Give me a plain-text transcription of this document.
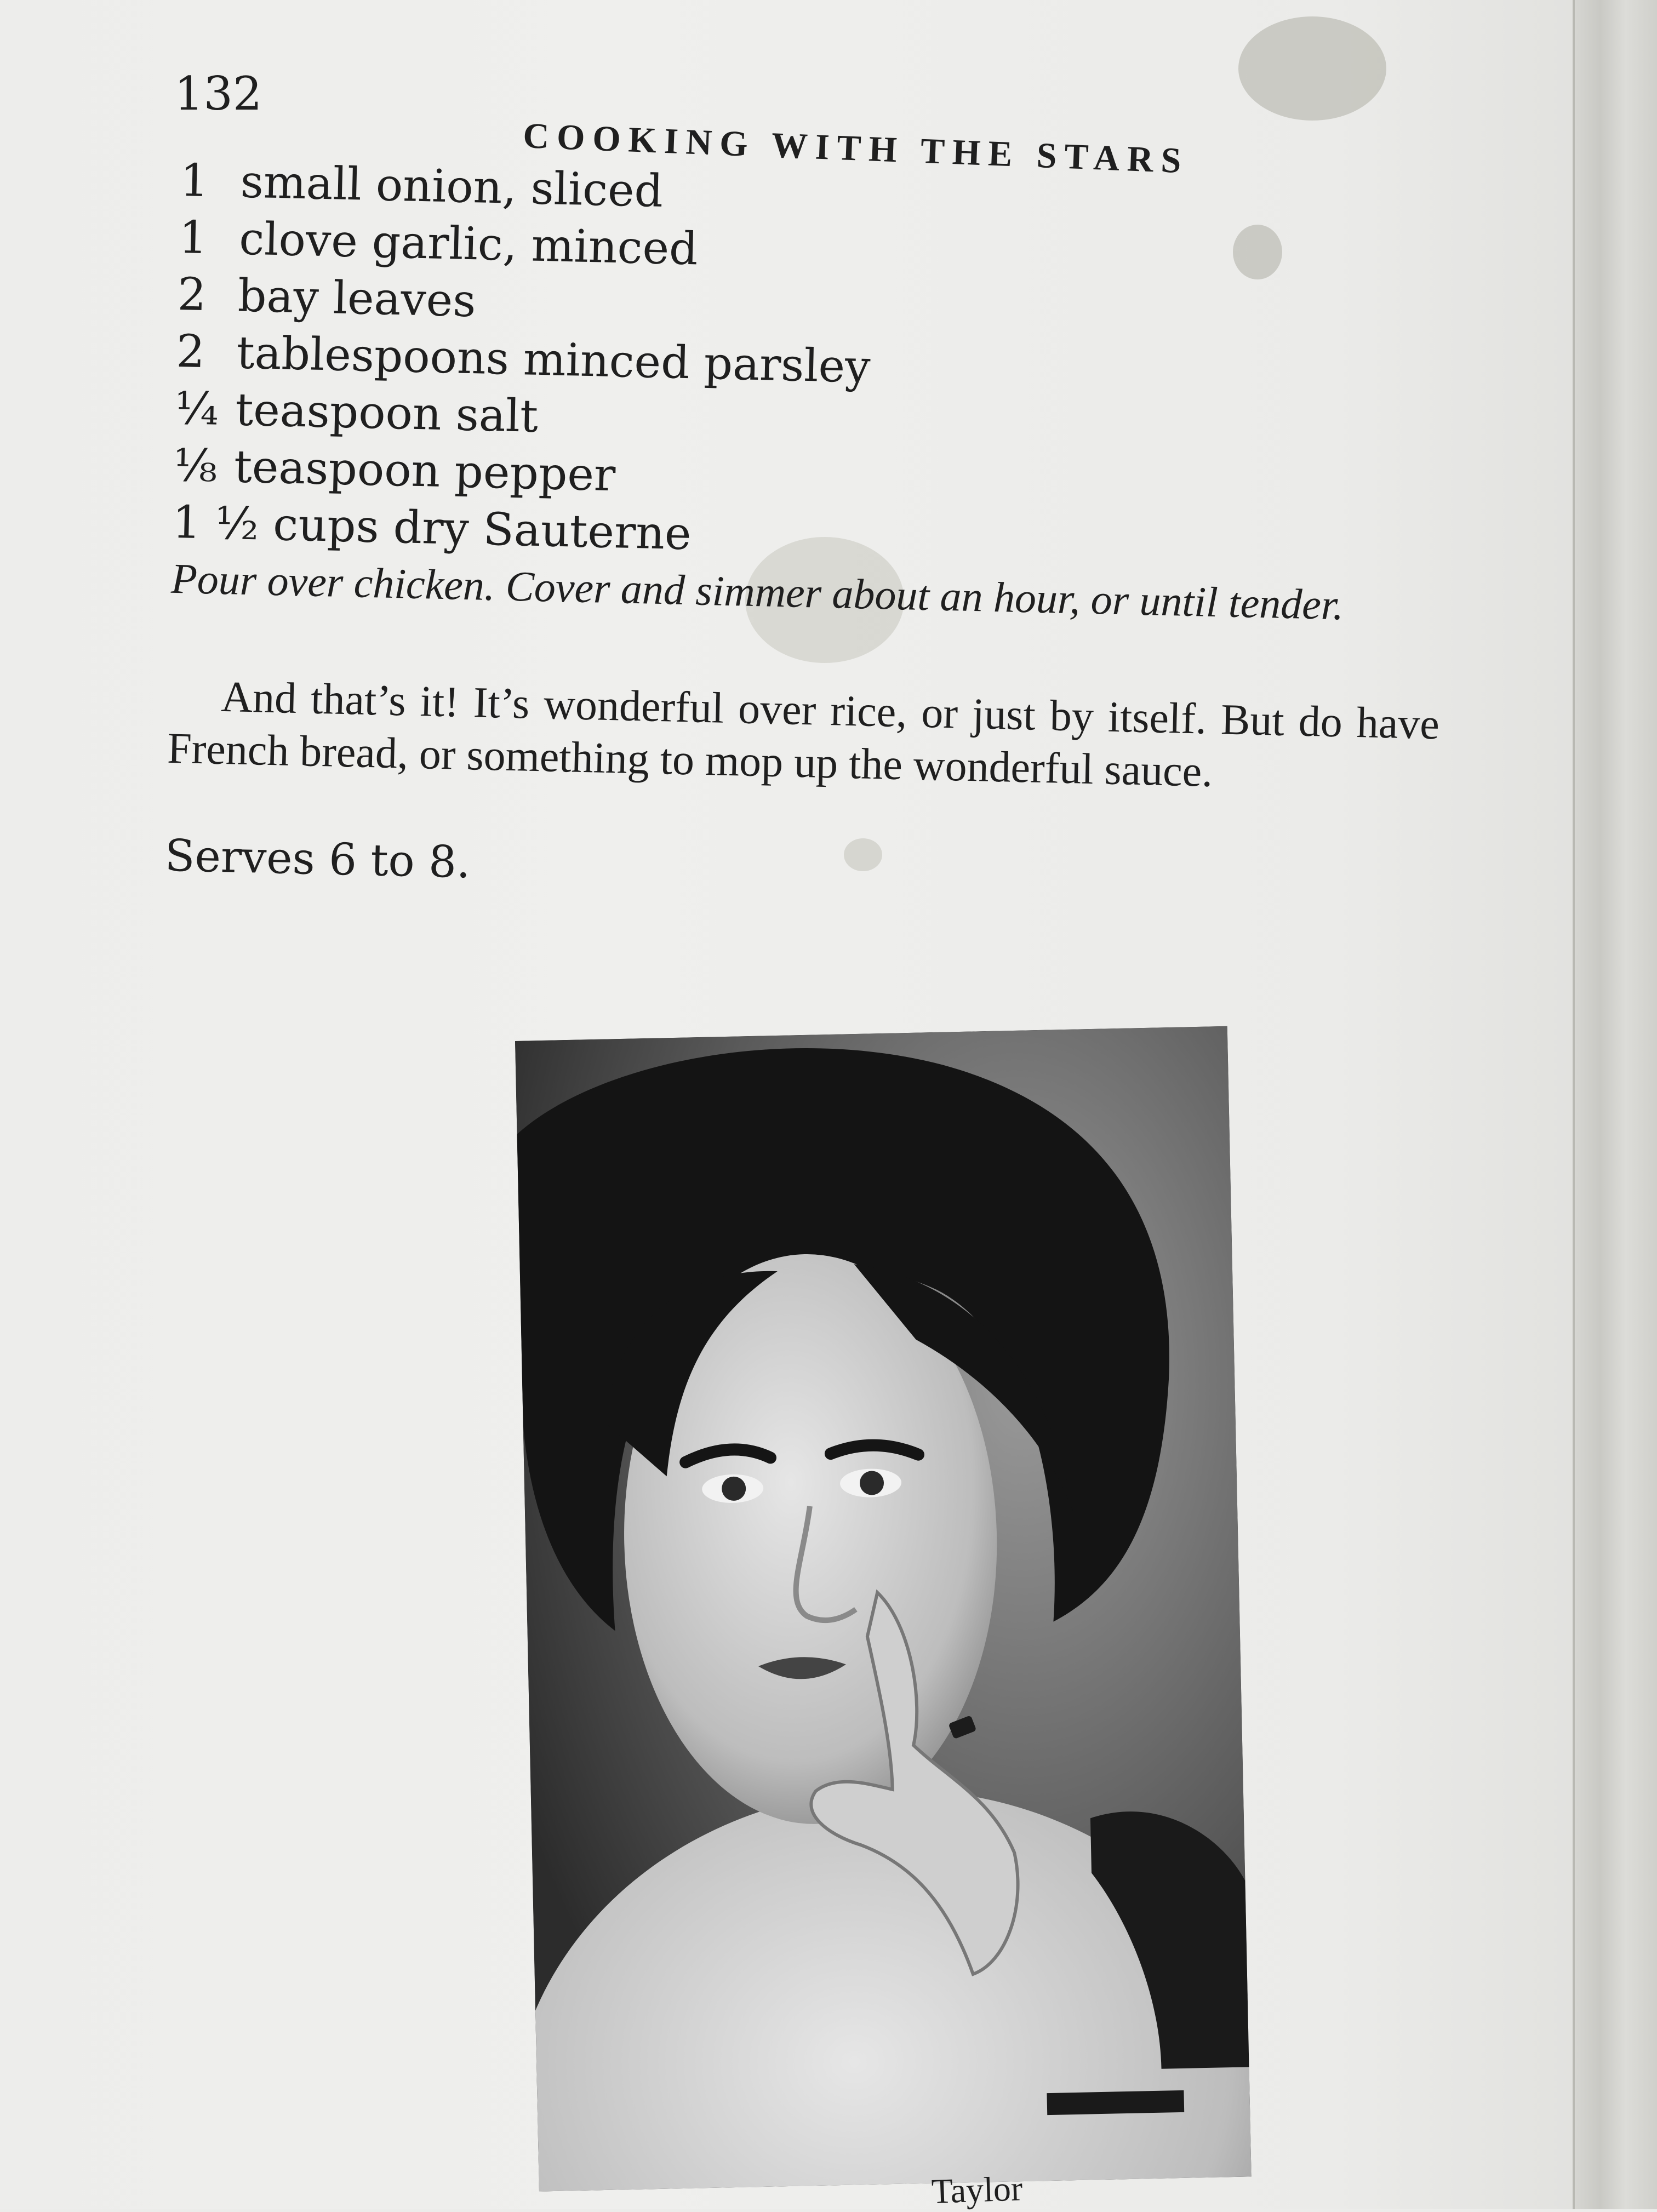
132
COOKING WITH THE STARS
1 small onion, sliced
1 clove garlic, minced
2 bay leaves
2 tablespoons minced parsley
¼ teaspoon salt
⅛ teaspoon pepper
1 ½ cups dry Sauterne
Pour over chicken. Cover and simmer about an hour, or until tender.
And that’s it! It’s wonderful over rice, or just by itself. But do have French bread, or something to mop up the wonderful sauce.
Serves 6 to 8.
Taylor
